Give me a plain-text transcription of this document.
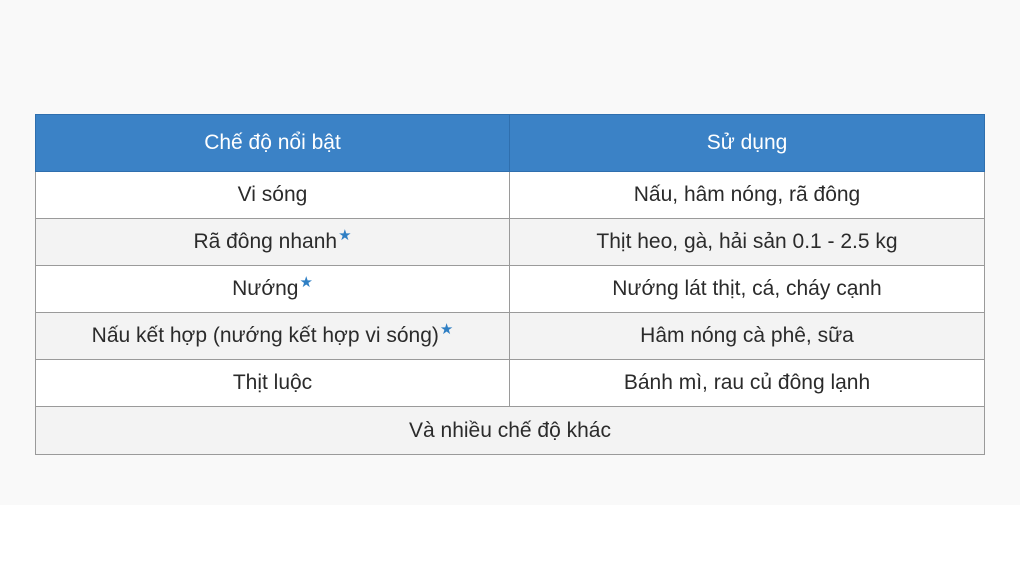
Chế độ nổi bật	Sử dụng
Vi sóng	Nấu, hâm nóng, rã đông
Rã đông nhanh★	Thịt heo, gà, hải sản 0.1 - 2.5 kg
Nướng★	Nướng lát thịt, cá, cháy cạnh
Nấu kết hợp (nướng kết hợp vi sóng)★	Hâm nóng cà phê, sữa
Thịt luộc	Bánh mì, rau củ đông lạnh
Và nhiều chế độ khác	
